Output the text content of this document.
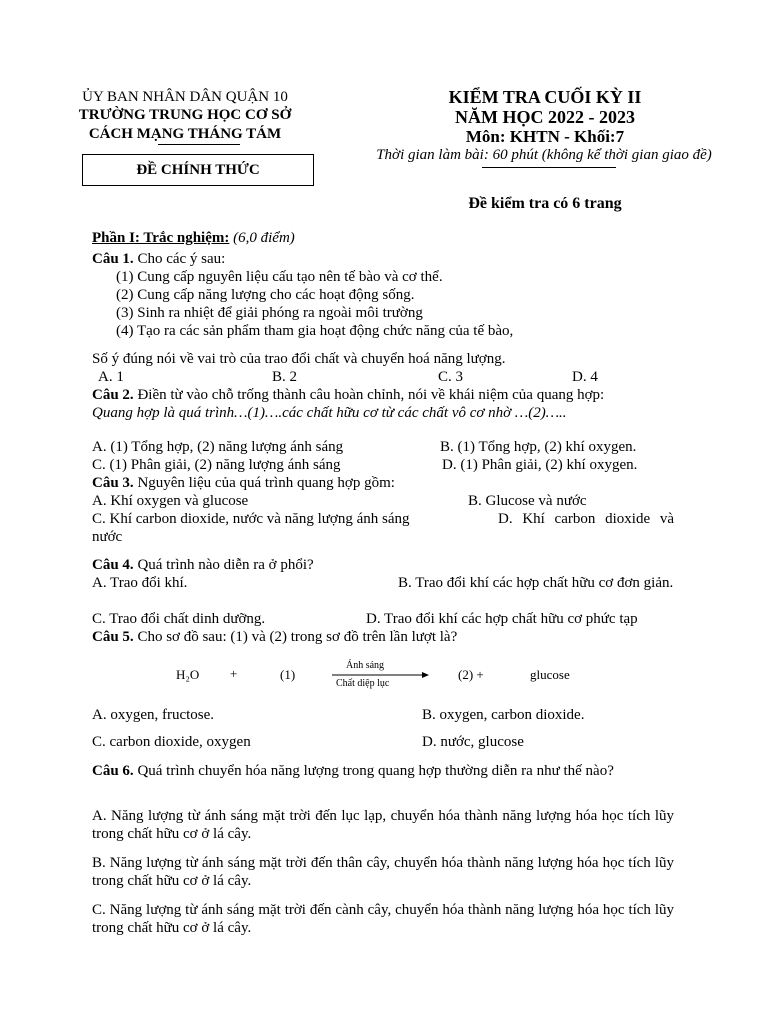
ỦY BAN NHÂN DÂN QUẬN 10
TRƯỜNG TRUNG HỌC CƠ SỞ
CÁCH MẠNG THÁNG TÁM
ĐỀ CHÍNH THỨC
KIỂM TRA CUỐI KỲ II
NĂM HỌC 2022 - 2023
Môn: KHTN - Khối:7
Thời gian làm bài: 60 phút (không kể thời gian giao đề)
Đề kiểm tra có 6 trang
Phần I: Trắc nghiệm: (6,0 điểm)
Câu 1. Cho các ý sau:
(1) Cung cấp nguyên liệu cấu tạo nên tế bào và cơ thể.
(2) Cung cấp năng lượng cho các hoạt động sống.
(3) Sinh ra nhiệt để giải phóng ra ngoài môi trường
(4) Tạo ra các sản phẩm tham gia hoạt động chức năng của tế bào,
Số ý đúng nói về vai trò của trao đổi chất và chuyển hoá năng lượng.
A. 1	B. 2	C. 3	D. 4
Câu 2. Điền từ vào chỗ trống thành câu hoàn chỉnh, nói về khái niệm của quang hợp:
Quang hợp là quá trình…(1)….các chất hữu cơ từ các chất vô cơ nhờ …(2)…..
A. (1) Tổng hợp, (2) năng lượng ánh sáng	B. (1) Tổng hợp, (2) khí oxygen.
C. (1) Phân giải, (2) năng lượng ánh sáng	D. (1) Phân giải, (2) khí oxygen.
Câu 3. Nguyên liệu của quá trình quang hợp gồm:
A. Khí oxygen và glucose	B. Glucose và nước
C. Khí carbon dioxide, nước và năng lượng ánh sáng	D. Khí carbon dioxide và nước
Câu 4. Quá trình nào diễn ra ở phổi?
A. Trao đổi khí.	B. Trao đổi khí các hợp chất hữu cơ đơn giản.
C. Trao đổi chất dinh dưỡng.	D. Trao đổi khí các hợp chất hữu cơ phức tạp
Câu 5. Cho sơ đồ sau: (1) và (2) trong sơ đồ trên lần lượt là?
H₂O +	(1)
Ánh sáng
Chất diệp lục
(2) +	glucose
A. oxygen, fructose.	B. oxygen, carbon dioxide.
C. carbon dioxide, oxygen	D. nước, glucose
Câu 6. Quá trình chuyển hóa năng lượng trong quang hợp thường diễn ra như thế nào?
A. Năng lượng từ ánh sáng mặt trời đến lục lạp, chuyển hóa thành năng lượng hóa học tích lũy trong chất hữu cơ ở lá cây.
B. Năng lượng từ ánh sáng mặt trời đến thân cây, chuyển hóa thành năng lượng hóa học tích lũy trong chất hữu cơ ở lá cây.
C. Năng lượng từ ánh sáng mặt trời đến cành cây, chuyển hóa thành năng lượng hóa học tích lũy trong chất hữu cơ ở lá cây.
